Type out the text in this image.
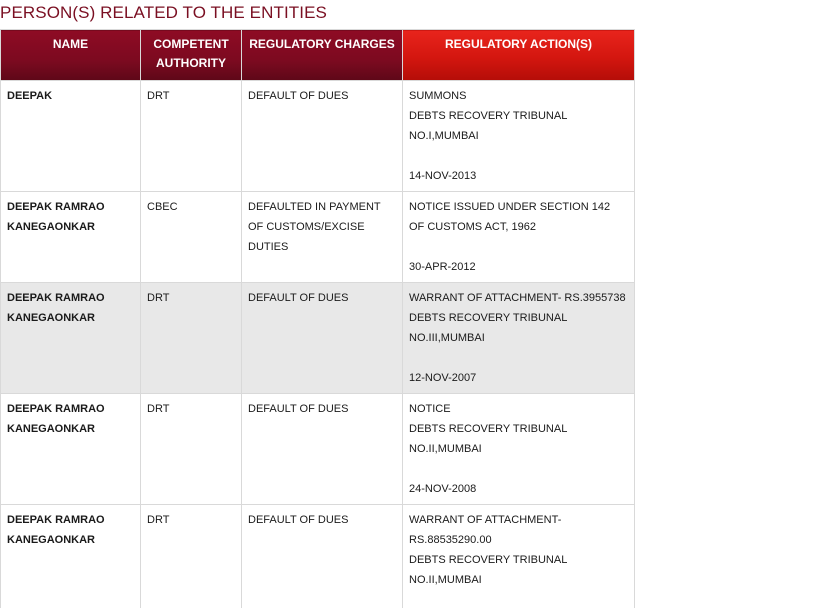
PERSON(S) RELATED TO THE ENTITIES
NAME	COMPETENT AUTHORITY	REGULATORY CHARGES	REGULATORY ACTION(S)
DEEPAK	DRT	DEFAULT OF DUES	SUMMONS
DEBTS RECOVERY TRIBUNAL NO.I,MUMBAI
14-NOV-2013

DEEPAK RAMRAO KANEGAONKAR	CBEC	DEFAULTED IN PAYMENT OF CUSTOMS/EXCISE DUTIES	NOTICE ISSUED UNDER SECTION 142 OF CUSTOMS ACT, 1962
30-APR-2012

DEEPAK RAMRAO KANEGAONKAR	DRT	DEFAULT OF DUES	WARRANT OF ATTACHMENT- RS.3955738
DEBTS RECOVERY TRIBUNAL NO.III,MUMBAI
12-NOV-2007

DEEPAK RAMRAO KANEGAONKAR	DRT	DEFAULT OF DUES	NOTICE
DEBTS RECOVERY TRIBUNAL NO.II,MUMBAI
24-NOV-2008

DEEPAK RAMRAO KANEGAONKAR	DRT	DEFAULT OF DUES	WARRANT OF ATTACHMENT- RS.88535290.00
DEBTS RECOVERY TRIBUNAL NO.II,MUMBAI
